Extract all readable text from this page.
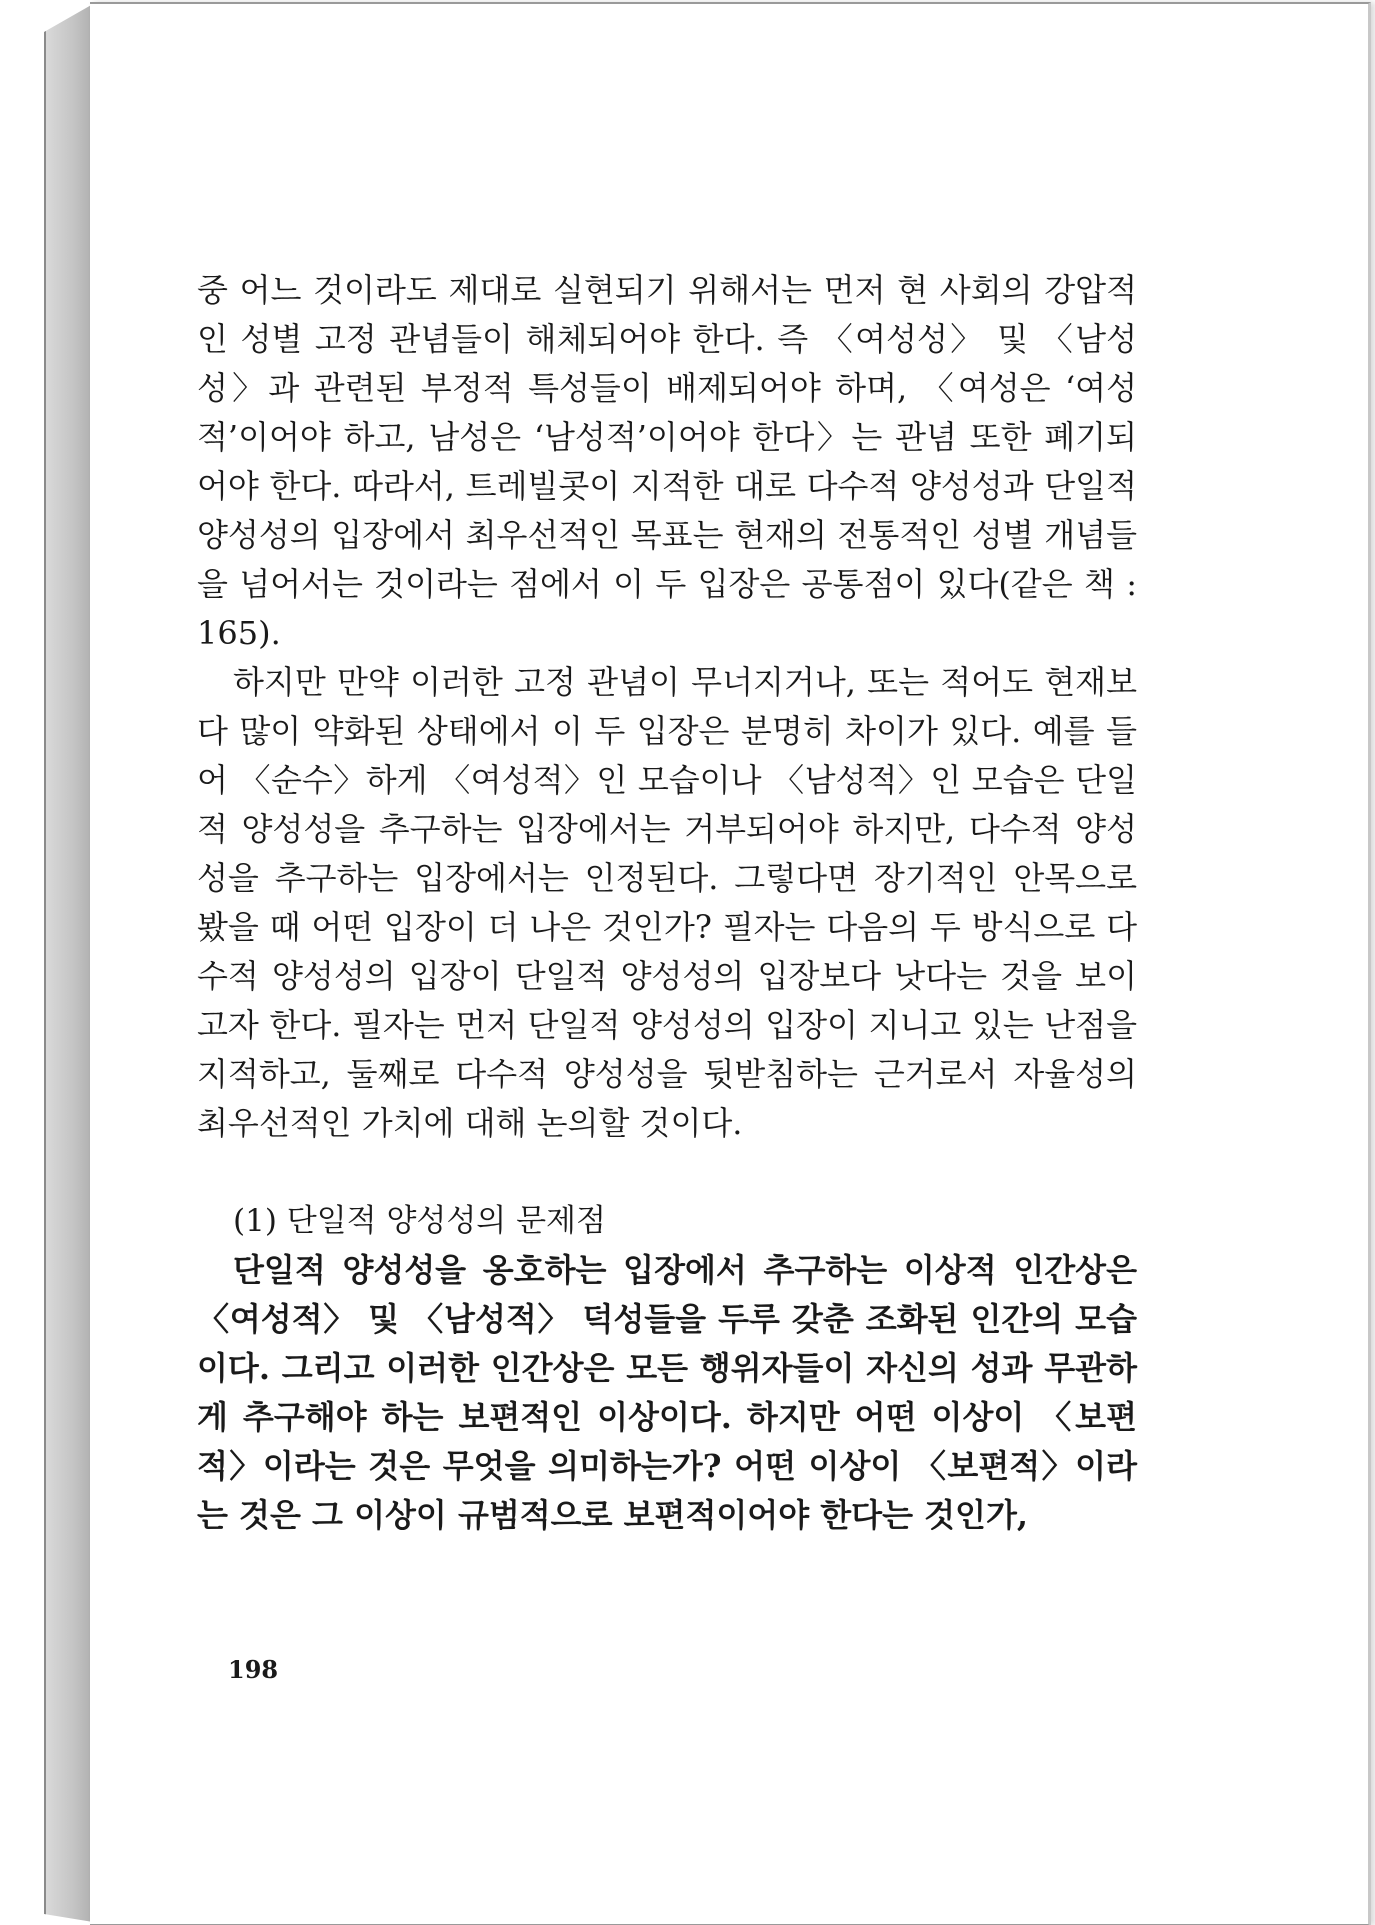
중 어느 것이라도 제대로 실현되기 위해서는 먼저 현 사회의 강압적인 성별 고정 관념들이 해체되어야 한다. 즉 〈여성성〉 및 〈남성성〉과 관련된 부정적 특성들이 배제되어야 하며, 〈여성은 ‘여성적’이어야 하고, 남성은 ‘남성적’이어야 한다〉는 관념 또한 폐기되어야 한다. 따라서, 트레빌콧이 지적한 대로 다수적 양성성과 단일적 양성성의 입장에서 최우선적인 목표는 현재의 전통적인 성별 개념들을 넘어서는 것이라는 점에서 이 두 입장은 공통점이 있다(같은 책 : 165).

하지만 만약 이러한 고정 관념이 무너지거나, 또는 적어도 현재보다 많이 약화된 상태에서 이 두 입장은 분명히 차이가 있다. 예를 들어 〈순수〉하게 〈여성적〉인 모습이나 〈남성적〉인 모습은 단일적 양성성을 추구하는 입장에서는 거부되어야 하지만, 다수적 양성성을 추구하는 입장에서는 인정된다. 그렇다면 장기적인 안목으로 봤을 때 어떤 입장이 더 나은 것인가? 필자는 다음의 두 방식으로 다수적 양성성의 입장이 단일적 양성성의 입장보다 낫다는 것을 보이고자 한다. 필자는 먼저 단일적 양성성의 입장이 지니고 있는 난점을 지적하고, 둘째로 다수적 양성성을 뒷받침하는 근거로서 자율성의 최우선적인 가치에 대해 논의할 것이다.

(1) 단일적 양성성의 문제점

단일적 양성성을 옹호하는 입장에서 추구하는 이상적 인간상은 〈여성적〉 및 〈남성적〉 덕성들을 두루 갖춘 조화된 인간의 모습이다. 그리고 이러한 인간상은 모든 행위자들이 자신의 성과 무관하게 추구해야 하는 보편적인 이상이다. 하지만 어떤 이상이 〈보편적〉이라는 것은 무엇을 의미하는가? 어떤 이상이 〈보편적〉이라는 것은 그 이상이 규범적으로 보편적이어야 한다는 것인가,

198
